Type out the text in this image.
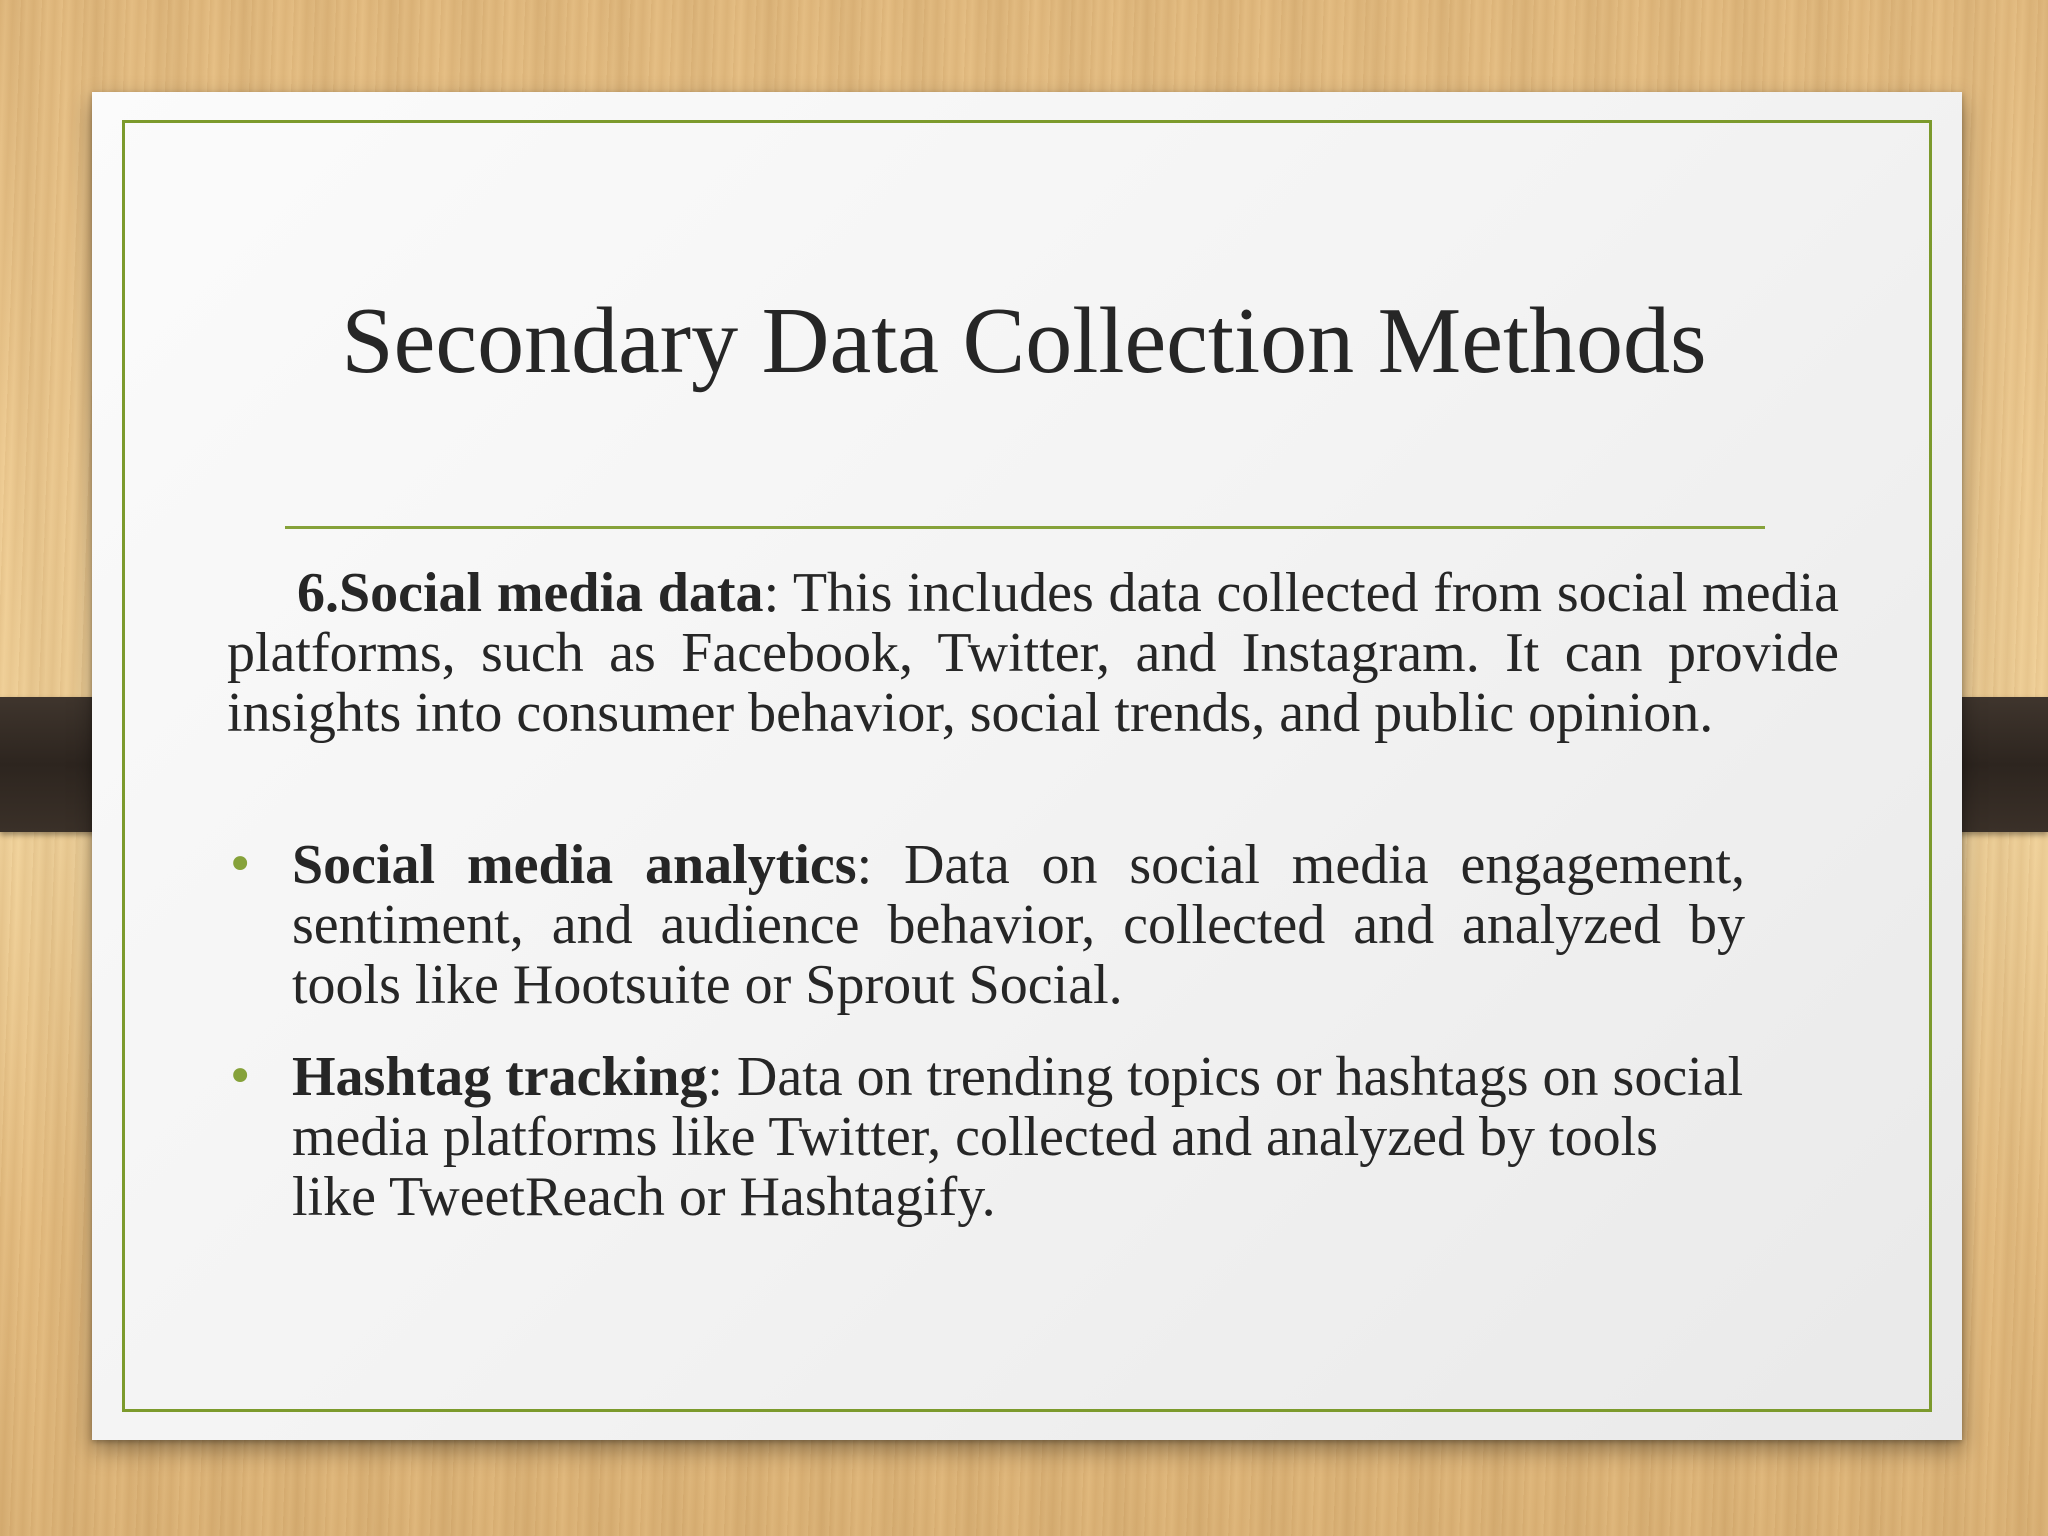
Secondary Data Collection Methods

6.Social media data: This includes data collected from social media platforms, such as Facebook, Twitter, and Instagram. It can provide insights into consumer behavior, social trends, and public opinion.

• Social media analytics: Data on social media engagement, sentiment, and audience behavior, collected and analyzed by tools like Hootsuite or Sprout Social.
• Hashtag tracking: Data on trending topics or hashtags on social media platforms like Twitter, collected and analyzed by tools like TweetReach or Hashtagify.
